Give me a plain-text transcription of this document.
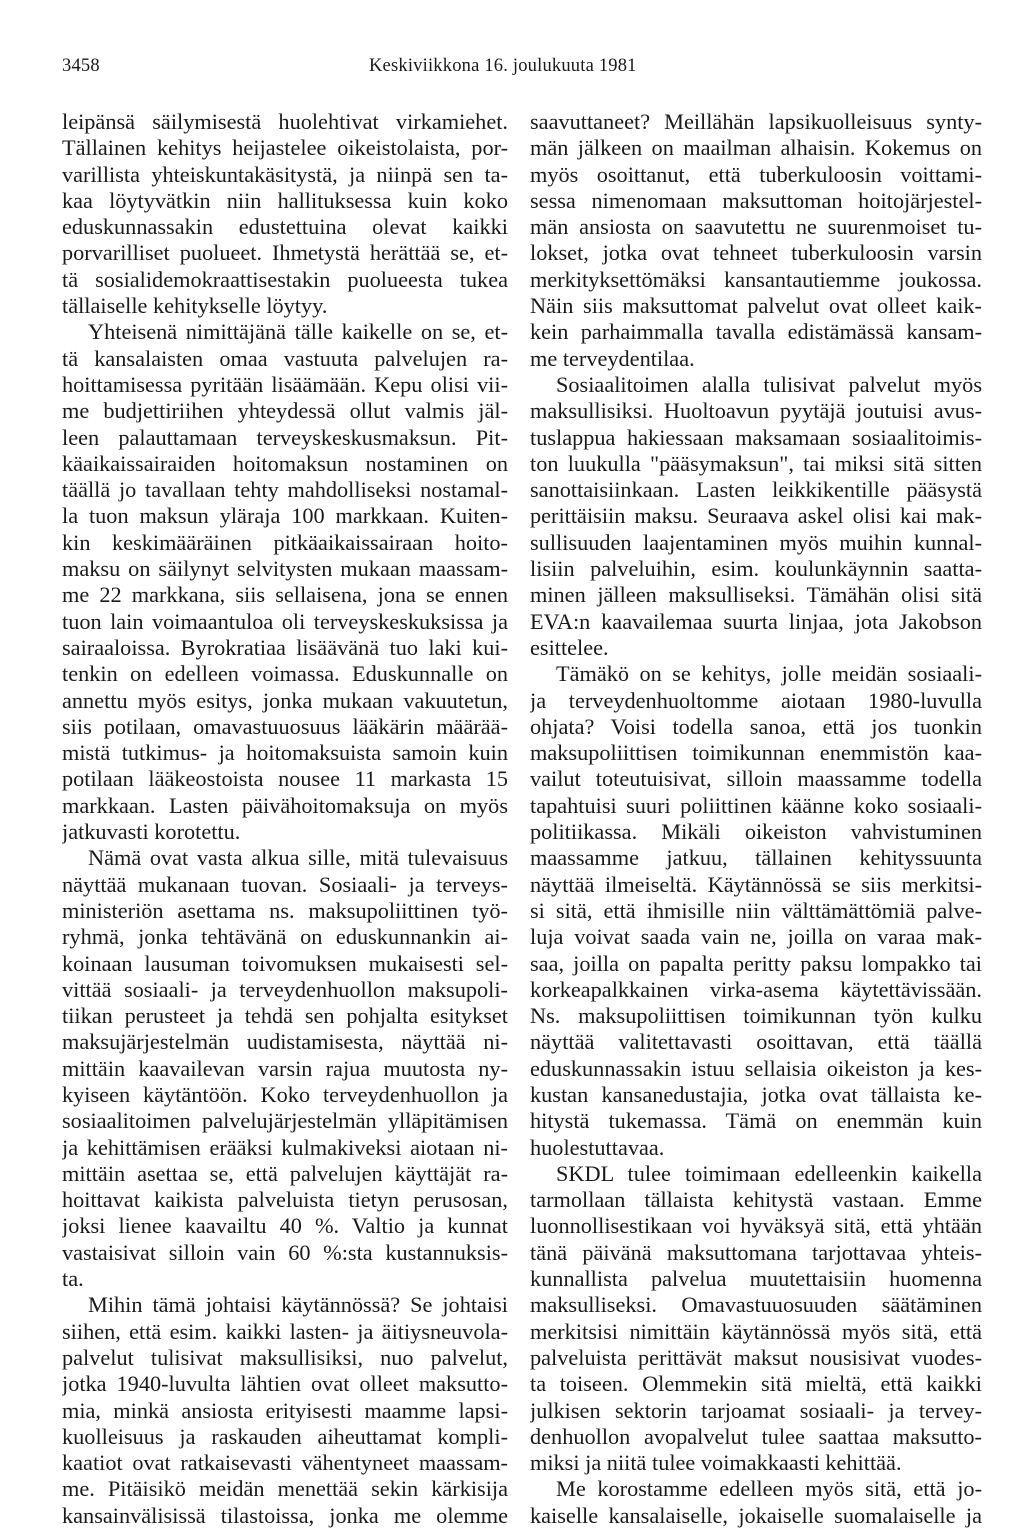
3458	Keskiviikkona 16. joulukuuta 1981
leipänsä säilymisestä huolehtivat virkamiehet.
Tällainen kehitys heijastelee oikeistolaista, por-
varillista yhteiskuntakäsitystä, ja niinpä sen ta-
kaa löytyvätkin niin hallituksessa kuin koko
eduskunnassakin edustettuina olevat kaikki
porvarilliset puolueet. Ihmetystä herättää se, et-
tä sosialidemokraattisestakin puolueesta tukea
tällaiselle kehitykselle löytyy.
Yhteisenä nimittäjänä tälle kaikelle on se, et-
tä kansalaisten omaa vastuuta palvelujen ra-
hoittamisessa pyritään lisäämään. Kepu olisi vii-
me budjettiriihen yhteydessä ollut valmis jäl-
leen palauttamaan terveyskeskusmaksun. Pit-
käaikaissairaiden hoitomaksun nostaminen on
täällä jo tavallaan tehty mahdolliseksi nostamal-
la tuon maksun yläraja 100 markkaan. Kuiten-
kin keskimääräinen pitkäaikaissairaan hoito-
maksu on säilynyt selvitysten mukaan maassam-
me 22 markkana, siis sellaisena, jona se ennen
tuon lain voimaantuloa oli terveyskeskuksissa ja
sairaaloissa. Byrokratiaa lisäävänä tuo laki kui-
tenkin on edelleen voimassa. Eduskunnalle on
annettu myös esitys, jonka mukaan vakuutetun,
siis potilaan, omavastuuosuus lääkärin määrää-
mistä tutkimus- ja hoitomaksuista samoin kuin
potilaan lääkeostoista nousee 11 markasta 15
markkaan. Lasten päivähoitomaksuja on myös
jatkuvasti korotettu.
Nämä ovat vasta alkua sille, mitä tulevaisuus
näyttää mukanaan tuovan. Sosiaali- ja terveys-
ministeriön asettama ns. maksupoliittinen työ-
ryhmä, jonka tehtävänä on eduskunnankin ai-
koinaan lausuman toivomuksen mukaisesti sel-
vittää sosiaali- ja terveydenhuollon maksupoli-
tiikan perusteet ja tehdä sen pohjalta esitykset
maksujärjestelmän uudistamisesta, näyttää ni-
mittäin kaavailevan varsin rajua muutosta ny-
kyiseen käytäntöön. Koko terveydenhuollon ja
sosiaalitoimen palvelujärjestelmän ylläpitämisen
ja kehittämisen erääksi kulmakiveksi aiotaan ni-
mittäin asettaa se, että palvelujen käyttäjät ra-
hoittavat kaikista palveluista tietyn perusosan,
joksi lienee kaavailtu 40 %. Valtio ja kunnat
vastaisivat silloin vain 60 %:sta kustannuksis-
ta.
Mihin tämä johtaisi käytännössä? Se johtaisi
siihen, että esim. kaikki lasten- ja äitiysneuvola-
palvelut tulisivat maksullisiksi, nuo palvelut,
jotka 1940-luvulta lähtien ovat olleet maksutto-
mia, minkä ansiosta erityisesti maamme lapsi-
kuolleisuus ja raskauden aiheuttamat kompli-
kaatiot ovat ratkaisevasti vähentyneet maassam-
me. Pitäisikö meidän menettää sekin kärkisija
kansainvälisissä tilastoissa, jonka me olemme
saavuttaneet? Meillähän lapsikuolleisuus synty-
män jälkeen on maailman alhaisin. Kokemus on
myös osoittanut, että tuberkuloosin voittami-
sessa nimenomaan maksuttoman hoitojärjestel-
män ansiosta on saavutettu ne suurenmoiset tu-
lokset, jotka ovat tehneet tuberkuloosin varsin
merkityksettömäksi kansantautiemme joukossa.
Näin siis maksuttomat palvelut ovat olleet kaik-
kein parhaimmalla tavalla edistämässä kansam-
me terveydentilaa.
Sosiaalitoimen alalla tulisivat palvelut myös
maksullisiksi. Huoltoavun pyytäjä joutuisi avus-
tuslappua hakiessaan maksamaan sosiaalitoimis-
ton luukulla "pääsymaksun", tai miksi sitä sitten
sanottaisiinkaan. Lasten leikkikentille pääsystä
perittäisiin maksu. Seuraava askel olisi kai mak-
sullisuuden laajentaminen myös muihin kunnal-
lisiin palveluihin, esim. koulunkäynnin saatta-
minen jälleen maksulliseksi. Tämähän olisi sitä
EVA:n kaavailemaa suurta linjaa, jota Jakobson
esittelee.
Tämäkö on se kehitys, jolle meidän sosiaali-
ja terveydenhuoltomme aiotaan 1980-luvulla
ohjata? Voisi todella sanoa, että jos tuonkin
maksupoliittisen toimikunnan enemmistön kaa-
vailut toteutuisivat, silloin maassamme todella
tapahtuisi suuri poliittinen käänne koko sosiaali-
politiikassa. Mikäli oikeiston vahvistuminen
maassamme jatkuu, tällainen kehityssuunta
näyttää ilmeiseltä. Käytännössä se siis merkitsi-
si sitä, että ihmisille niin välttämättömiä palve-
luja voivat saada vain ne, joilla on varaa mak-
saa, joilla on papalta peritty paksu lompakko tai
korkeapalkkainen virka-asema käytettävissään.
Ns. maksupoliittisen toimikunnan työn kulku
näyttää valitettavasti osoittavan, että täällä
eduskunnassakin istuu sellaisia oikeiston ja kes-
kustan kansanedustajia, jotka ovat tällaista ke-
hitystä tukemassa. Tämä on enemmän kuin
huolestuttavaa.
SKDL tulee toimimaan edelleenkin kaikella
tarmollaan tällaista kehitystä vastaan. Emme
luonnollisestikaan voi hyväksyä sitä, että yhtään
tänä päivänä maksuttomana tarjottavaa yhteis-
kunnallista palvelua muutettaisiin huomenna
maksulliseksi. Omavastuuosuuden säätäminen
merkitsisi nimittäin käytännössä myös sitä, että
palveluista perittävät maksut nousisivat vuodes-
ta toiseen. Olemmekin sitä mieltä, että kaikki
julkisen sektorin tarjoamat sosiaali- ja tervey-
denhuollon avopalvelut tulee saattaa maksutto-
miksi ja niitä tulee voimakkaasti kehittää.
Me korostamme edelleen myös sitä, että jo-
kaiselle kansalaiselle, jokaiselle suomalaiselle ja
